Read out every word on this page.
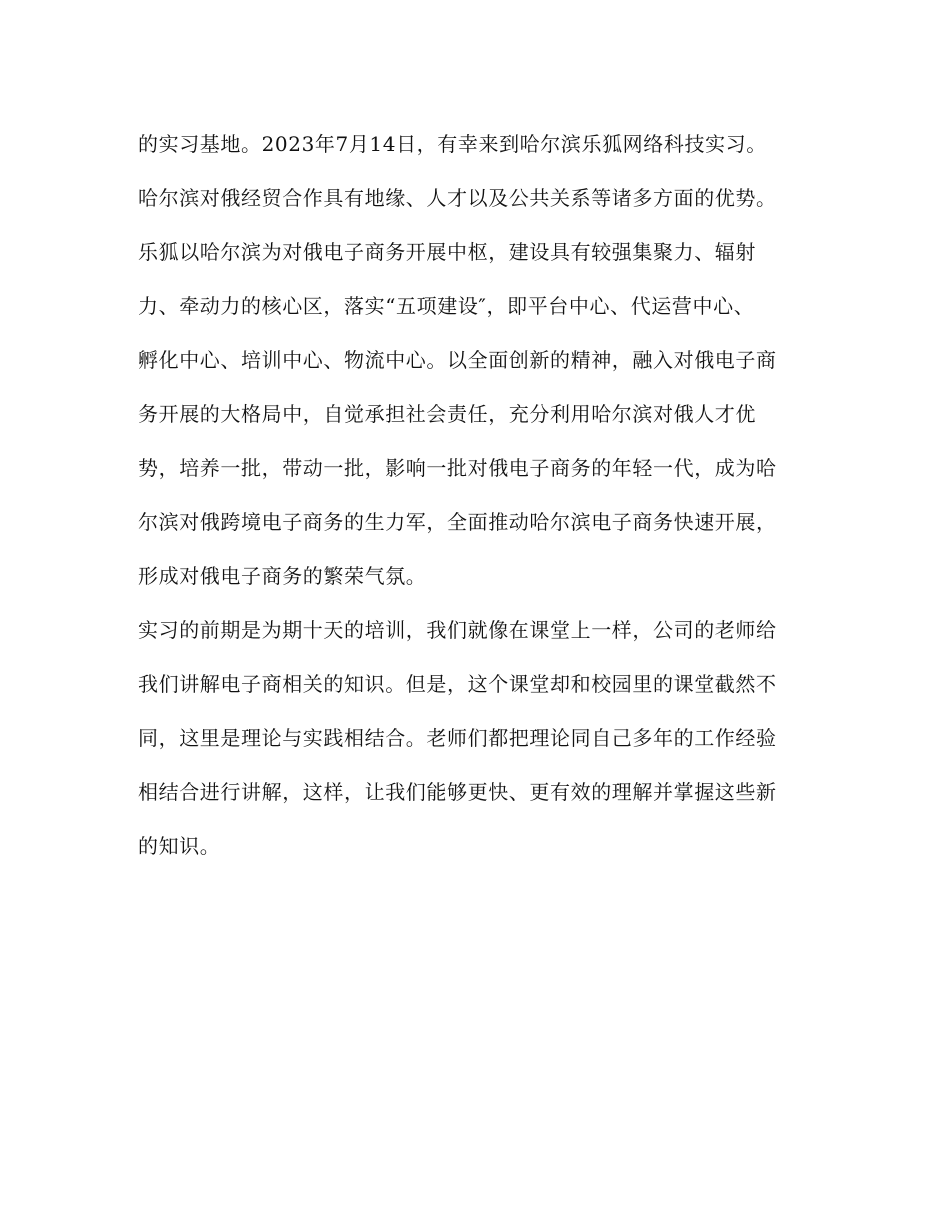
的实习基地。2023年7月14日，有幸来到哈尔滨乐狐网络科技实习。
哈尔滨对俄经贸合作具有地缘、人才以及公共关系等诸多方面的优势。
乐狐以哈尔滨为对俄电子商务开展中枢，建设具有较强集聚力、辐射
力、牵动力的核心区，落实“五项建设″，即平台中心、代运营中心、
孵化中心、培训中心、物流中心。以全面创新的精神，融入对俄电子商
务开展的大格局中，自觉承担社会责任，充分利用哈尔滨对俄人才优
势，培养一批，带动一批，影响一批对俄电子商务的年轻一代，成为哈
尔滨对俄跨境电子商务的生力军，全面推动哈尔滨电子商务快速开展，
形成对俄电子商务的繁荣气氛。
实习的前期是为期十天的培训，我们就像在课堂上一样，公司的老师给
我们讲解电子商相关的知识。但是，这个课堂却和校园里的课堂截然不
同，这里是理论与实践相结合。老师们都把理论同自己多年的工作经验
相结合进行讲解，这样，让我们能够更快、更有效的理解并掌握这些新
的知识。
